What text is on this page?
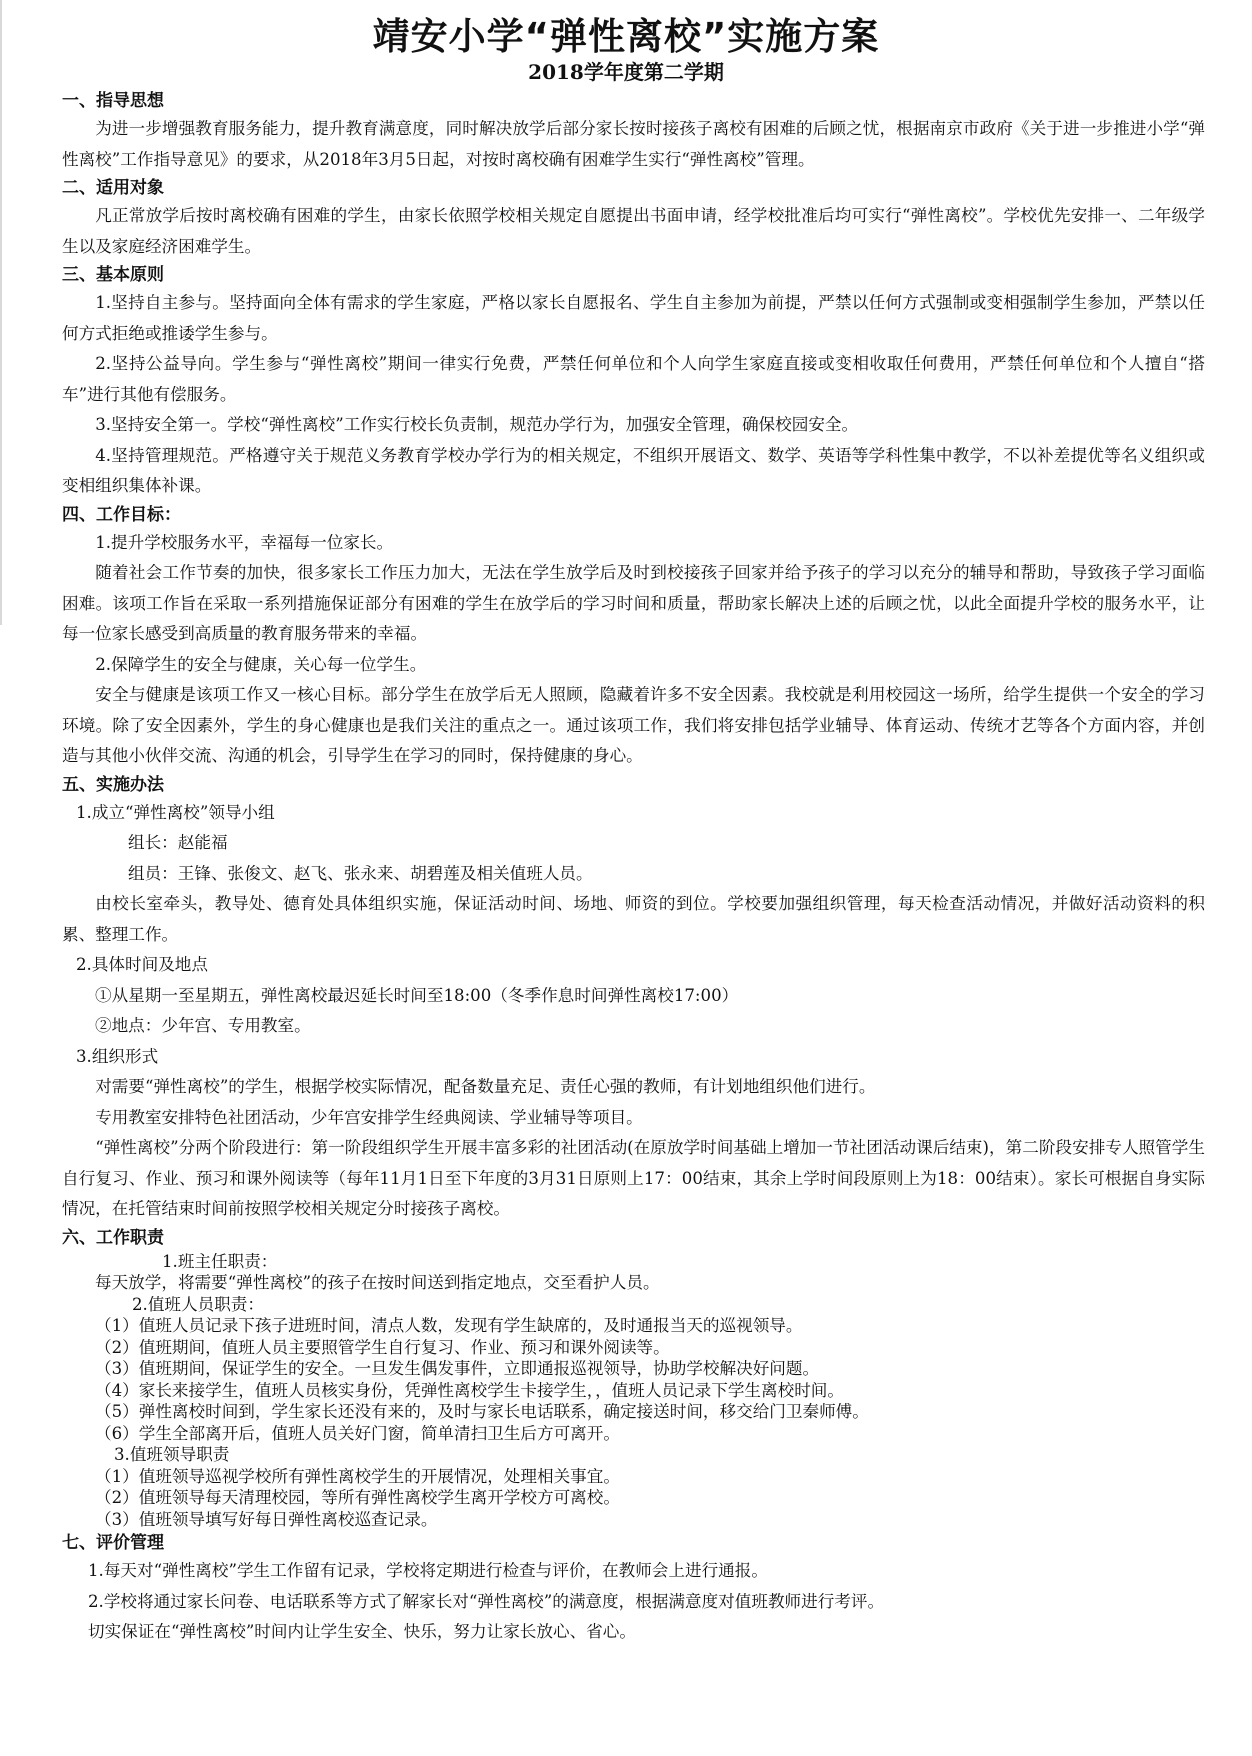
靖安小学“弹性离校”实施方案
2018学年度第二学期
一、指导思想

为进一步增强教育服务能力，提升教育满意度，同时解决放学后部分家长按时接孩子离校有困难的后顾之忧，根据南京市政府《关于进一步推进小学“弹性离校”工作指导意见》的要求，从2018年3月5日起，对按时离校确有困难学生实行“弹性离校”管理。

二、适用对象

凡正常放学后按时离校确有困难的学生，由家长依照学校相关规定自愿提出书面申请，经学校批准后均可实行“弹性离校”。学校优先安排一、二年级学生以及家庭经济困难学生。

三、基本原则

1.坚持自主参与。坚持面向全体有需求的学生家庭，严格以家长自愿报名、学生自主参加为前提，严禁以任何方式强制或变相强制学生参加，严禁以任何方式拒绝或推诿学生参与。

2.坚持公益导向。学生参与“弹性离校”期间一律实行免费，严禁任何单位和个人向学生家庭直接或变相收取任何费用，严禁任何单位和个人擅自“搭车”进行其他有偿服务。

3.坚持安全第一。学校“弹性离校”工作实行校长负责制，规范办学行为，加强安全管理，确保校园安全。

4.坚持管理规范。严格遵守关于规范义务教育学校办学行为的相关规定，不组织开展语文、数学、英语等学科性集中教学，不以补差提优等名义组织或变相组织集体补课。

四、工作目标：

1.提升学校服务水平，幸福每一位家长。

随着社会工作节奏的加快，很多家长工作压力加大，无法在学生放学后及时到校接孩子回家并给予孩子的学习以充分的辅导和帮助，导致孩子学习面临困难。该项工作旨在采取一系列措施保证部分有困难的学生在放学后的学习时间和质量，帮助家长解决上述的后顾之忧，以此全面提升学校的服务水平，让每一位家长感受到高质量的教育服务带来的幸福。

2.保障学生的安全与健康，关心每一位学生。

安全与健康是该项工作又一核心目标。部分学生在放学后无人照顾，隐藏着许多不安全因素。我校就是利用校园这一场所，给学生提供一个安全的学习环境。除了安全因素外，学生的身心健康也是我们关注的重点之一。通过该项工作，我们将安排包括学业辅导、体育运动、传统才艺等各个方面内容，并创造与其他小伙伴交流、沟通的机会，引导学生在学习的同时，保持健康的身心。

五、实施办法

1.成立“弹性离校”领导小组

组长：赵能福

组员：王锋、张俊文、赵飞、张永来、胡碧莲及相关值班人员。

由校长室牵头，教导处、德育处具体组织实施，保证活动时间、场地、师资的到位。学校要加强组织管理，每天检查活动情况，并做好活动资料的积累、整理工作。

2.具体时间及地点

①从星期一至星期五，弹性离校最迟延长时间至18:00（冬季作息时间弹性离校17:00）

②地点：少年宫、专用教室。

3.组织形式

对需要“弹性离校”的学生，根据学校实际情况，配备数量充足、责任心强的教师，有计划地组织他们进行。

专用教室安排特色社团活动，少年宫安排学生经典阅读、学业辅导等项目。

“弹性离校”分两个阶段进行：第一阶段组织学生开展丰富多彩的社团活动(在原放学时间基础上增加一节社团活动课后结束)，第二阶段安排专人照管学生自行复习、作业、预习和课外阅读等（每年11月1日至下年度的3月31日原则上17：00结束，其余上学时间段原则上为18：00结束）。家长可根据自身实际情况，在托管结束时间前按照学校相关规定分时接孩子离校。

六、工作职责
1.班主任职责：
每天放学，将需要“弹性离校”的孩子在按时间送到指定地点，交至看护人员。
2.值班人员职责：
（1）值班人员记录下孩子进班时间，清点人数，发现有学生缺席的，及时通报当天的巡视领导。
（2）值班期间，值班人员主要照管学生自行复习、作业、预习和课外阅读等。
（3）值班期间，保证学生的安全。一旦发生偶发事件，立即通报巡视领导，协助学校解决好问题。
（4）家长来接学生，值班人员核实身份，凭弹性离校学生卡接学生，，值班人员记录下学生离校时间。
（5）弹性离校时间到，学生家长还没有来的，及时与家长电话联系，确定接送时间，移交给门卫秦师傅。
（6）学生全部离开后，值班人员关好门窗，简单清扫卫生后方可离开。
3.值班领导职责
（1）值班领导巡视学校所有弹性离校学生的开展情况，处理相关事宜。
（2）值班领导每天清理校园，等所有弹性离校学生离开学校方可离校。
（3）值班领导填写好每日弹性离校巡查记录。
七、评价管理

1.每天对“弹性离校”学生工作留有记录，学校将定期进行检查与评价，在教师会上进行通报。

2.学校将通过家长问卷、电话联系等方式了解家长对“弹性离校”的满意度，根据满意度对值班教师进行考评。

切实保证在“弹性离校”时间内让学生安全、快乐，努力让家长放心、省心。
